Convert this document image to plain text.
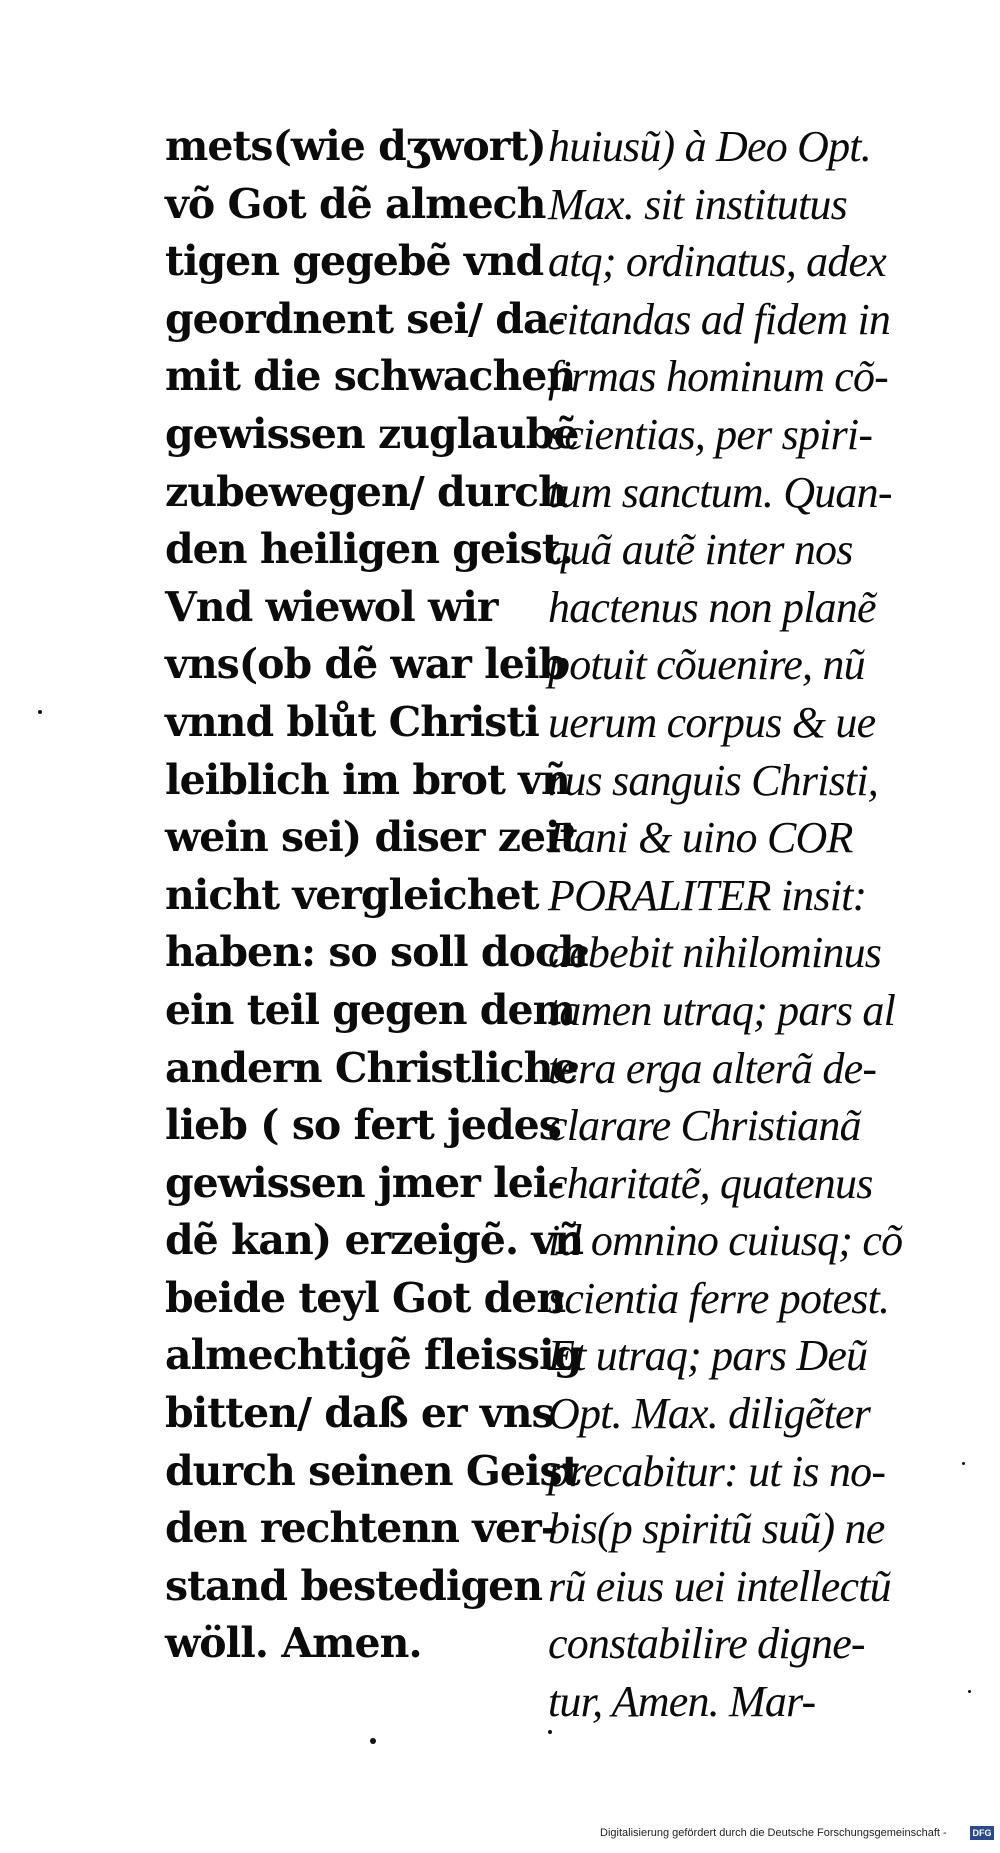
mets(wie dʒwort)
võ Got dẽ almech
tigen gegebẽ vnd
geordnent sei/ da-
mit die schwachen
gewissen zuglaubẽ
zubewegen/ durch
den heiligen geist.
Vnd wiewol wir
vns(ob dẽ war leib
vnnd blůt Christi
leiblich im brot vñ
wein sei) diser zeit
nicht vergleichet
haben: so soll doch
ein teil gegen dem
andern Christliche
lieb ( so fert jedes
gewissen jmer lei-
dẽ kan) erzeigẽ. vñ
beide teyl Got den
almechtigẽ fleissig
bitten/ daß er vns
durch seinen Geist
den rechtenn ver-
stand bestedigen
wöll. Amen.
huiusũ) à Deo Opt.
Max. sit institutus
atq; ordinatus, adex
citandas ad fidem in
firmas hominum cõ-
scientias, per spiri-
tum sanctum. Quan-
quã autẽ inter nos
hactenus non planẽ
potuit cõuenire, nũ
uerum corpus & ue
rus sanguis Christi,
Pani & uino COR
PORALITER insit:
debebit nihilominus
tamen utraq; pars al
tera erga alterã de-
clarare Christianã
charitatẽ, quatenus
id omnino cuiusq; cõ
scientia ferre potest.
Et utraq; pars Deũ
Opt. Max. diligẽter
precabitur: ut is no-
bis(p spiritũ suũ) ne
rũ eius uei intellectũ
constabilire digne-
tur, Amen. Mar-
Digitalisierung gefördert durch die Deutsche Forschungsgemeinschaft -	DFG
